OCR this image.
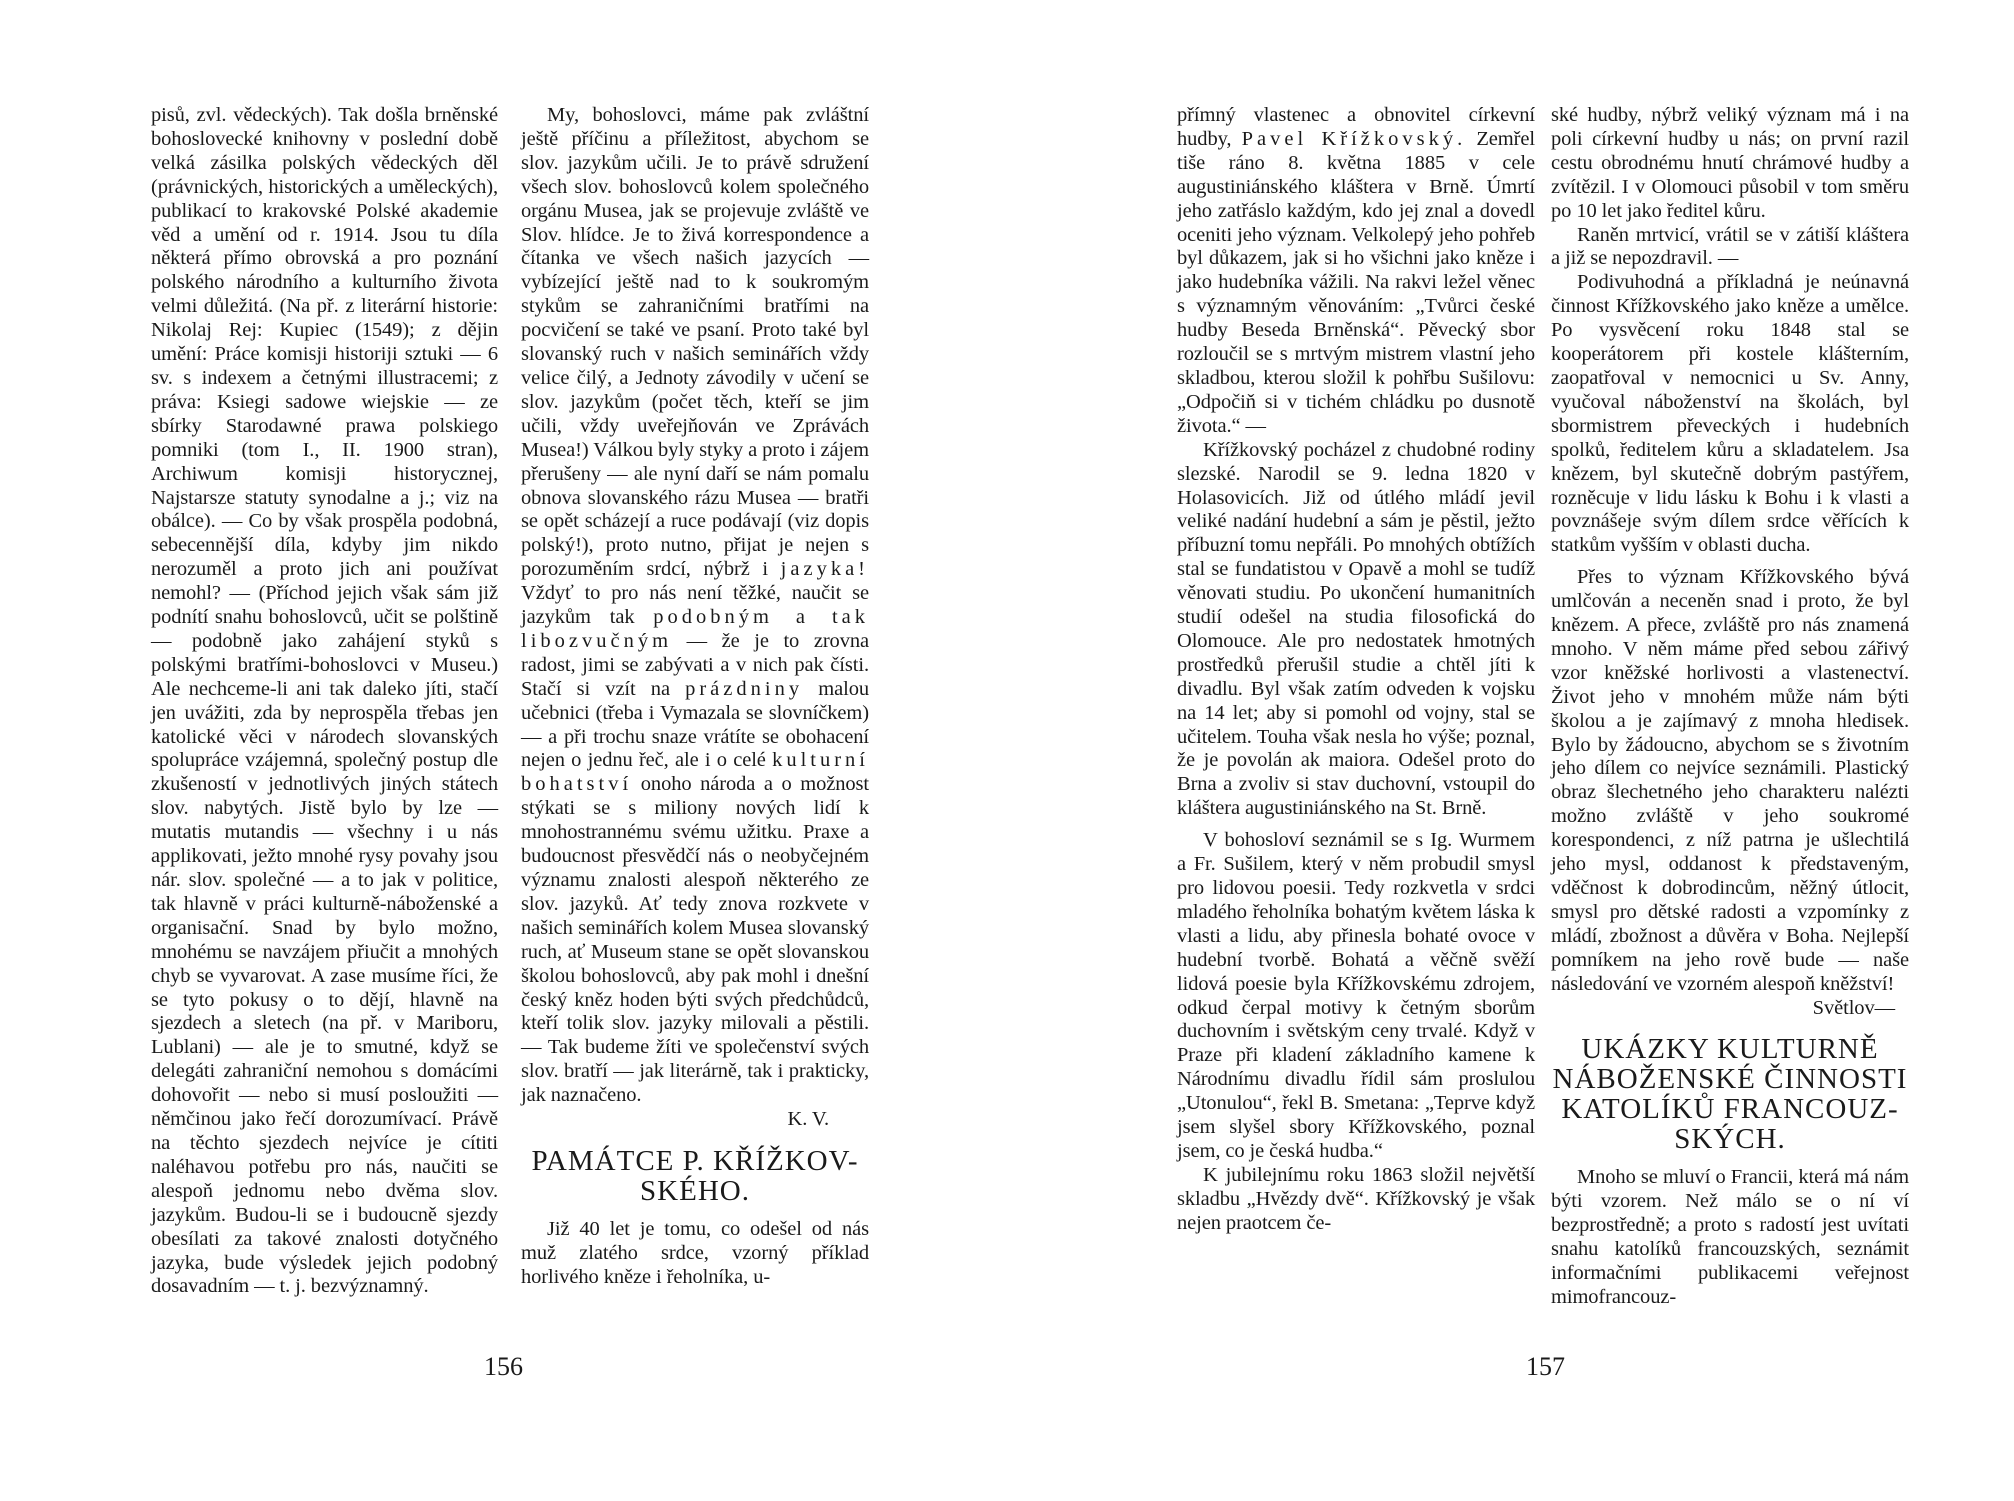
pisů, zvl. vědeckých). Tak došla brněnské bohoslovecké knihovny v poslední době velká zásilka polských vědeckých děl (právnických, historických a uměleckých), publikací to krakovské Polské akademie věd a umění od r. 1914. Jsou tu díla některá přímo obrovská a pro poznání polského národního a kulturního života velmi důležitá. (Na př. z literární historie: Nikolaj Rej: Kupiec (1549); z dějin umění: Práce komisji historiji sztuki — 6 sv. s indexem a četnými illustracemi; z práva: Ksiegi sadowe wiejskie — ze sbírky Starodawné prawa polskiego pomniki (tom I., II. 1900 stran), Archiwum komisji historycznej, Najstarsze statuty synodalne a j.; viz na obálce). — Co by však prospěla podobná, sebecennější díla, kdyby jim nikdo nerozuměl a proto jich ani používat nemohl? — (Příchod jejich však sám již podnítí snahu bohoslovců, učit se polštině — podobně jako zahájení styků s polskými bratřími-bohoslovci v Museu.) Ale nechceme-li ani tak daleko jíti, stačí jen uvážiti, zda by neprospěla třebas jen katolické věci v národech slovanských spolupráce vzájemná, společný postup dle zkušeností v jednotlivých jiných státech slov. nabytých. Jistě bylo by lze — mutatis mutandis — všechny i u nás applikovati, ježto mnohé rysy povahy jsou nár. slov. společné — a to jak v politice, tak hlavně v práci kulturně-náboženské a organisační. Snad by bylo možno, mnohému se navzájem přiučit a mnohých chyb se vyvarovat. A zase musíme říci, že se tyto pokusy o to dějí, hlavně na sjezdech a sletech (na př. v Mariboru, Lublani) — ale je to smutné, když se delegáti zahraniční nemohou s domácími dohovořit — nebo si musí posloužiti — němčinou jako řečí dorozumívací. Právě na těchto sjezdech nejvíce je cítiti naléhavou potřebu pro nás, naučiti se alespoň jednomu nebo dvěma slov. jazykům. Budou-li se i budoucně sjezdy obesílati za takové znalosti dotyčného jazyka, bude výsledek jejich podobný dosavadním — t. j. bezvýznamný.

My, bohoslovci, máme pak zvláštní ještě příčinu a příležitost, abychom se slov. jazykům učili. Je to právě sdružení všech slov. bohoslovců kolem společného orgánu Musea, jak se projevuje zvláště ve Slov. hlídce. Je to živá korrespondence a čítanka ve všech našich jazycích — vybízející ještě nad to k soukromým stykům se zahraničními bratřími na pocvičení se také ve psaní. Proto také byl slovanský ruch v našich seminářích vždy velice čilý, a Jednoty závodily v učení se slov. jazykům (počet těch, kteří se jim učili, vždy uveřejňován ve Zprávách Musea!) Válkou byly styky a proto i zájem přerušeny — ale nyní daří se nám pomalu obnova slovanského rázu Musea — bratři se opět scházejí a ruce podávají (viz dopis polský!), proto nutno, přijat je nejen s porozuměním srdcí, nýbrž i jazyka! Vždyť to pro nás není těžké, naučit se jazykům tak podobným a tak libozvučným — že je to zrovna radost, jimi se zabývati a v nich pak čísti. Stačí si vzít na prázdniny malou učebnici (třeba i Vymazala se slovníčkem) — a při trochu snaze vrátíte se obohacení nejen o jednu řeč, ale i o celé kulturní bohatství onoho národa a o možnost stýkati se s miliony nových lidí k mnohostrannému svému užitku. Praxe a budoucnost přesvědčí nás o neobyčejném významu znalosti alespoň některého ze slov. jazyků. Ať tedy znova rozkvete v našich seminářích kolem Musea slovanský ruch, ať Museum stane se opět slovanskou školou bohoslovců, aby pak mohl i dnešní český kněz hoden býti svých předchůdců, kteří tolik slov. jazyky milovali a pěstili. — Tak budeme žíti ve společenství svých slov. bratří — jak literárně, tak i prakticky, jak naznačeno.

K. V.

PAMÁTCE P. KŘÍŽKOV-SKÉHO.

Již 40 let je tomu, co odešel od nás muž zlatého srdce, vzorný příklad horlivého kněze i řeholníka, u-

156

přímný vlastenec a obnovitel církevní hudby, Pavel Křížkovský. Zemřel tiše ráno 8. května 1885 v cele augustiniánského kláštera v Brně. Úmrtí jeho zatřáslo každým, kdo jej znal a dovedl oceniti jeho význam. Velkolepý jeho pohřeb byl důkazem, jak si ho všichni jako kněze i jako hudebníka vážili. Na rakvi ležel věnec s významným věnováním: „Tvůrci české hudby Beseda Brněnská“. Pěvecký sbor rozloučil se s mrtvým mistrem vlastní jeho skladbou, kterou složil k pohřbu Sušilovu: „Odpočiň si v tichém chládku po dusnotě života.“ —

Křížkovský pocházel z chudobné rodiny slezské. Narodil se 9. ledna 1820 v Holasovicích. Již od útlého mládí jevil veliké nadání hudební a sám je pěstil, ježto příbuzní tomu nepřáli. Po mnohých obtížích stal se fundatistou v Opavě a mohl se tudíž věnovati studiu. Po ukončení humanitních studií odešel na studia filosofická do Olomouce. Ale pro nedostatek hmotných prostředků přerušil studie a chtěl jíti k divadlu. Byl však zatím odveden k vojsku na 14 let; aby si pomohl od vojny, stal se učitelem. Touha však nesla ho výše; poznal, že je povolán ak maiora. Odešel proto do Brna a zvoliv si stav duchovní, vstoupil do kláštera augustiniánského na St. Brně.

V bohosloví seznámil se s Ig. Wurmem a Fr. Sušilem, který v něm probudil smysl pro lidovou poesii. Tedy rozkvetla v srdci mladého řeholníka bohatým květem láska k vlasti a lidu, aby přinesla bohaté ovoce v hudební tvorbě. Bohatá a věčně svěží lidová poesie byla Křížkovskému zdrojem, odkud čerpal motivy k četným sborům duchovním i světským ceny trvalé. Když v Praze při kladení základního kamene k Národnímu divadlu řídil sám proslulou „Utonulou“, řekl B. Smetana: „Teprve když jsem slyšel sbory Křížkovského, poznal jsem, co je česká hudba.“

K jubilejnímu roku 1863 složil největší skladbu „Hvězdy dvě“. Křížkovský je však nejen praotcem če-

ské hudby, nýbrž veliký význam má i na poli církevní hudby u nás; on první razil cestu obrodnému hnutí chrámové hudby a zvítězil. I v Olomouci působil v tom směru po 10 let jako ředitel kůru.

Raněn mrtvicí, vrátil se v zátiší kláštera a již se nepozdravil. —

Podivuhodná a příkladná je neúnavná činnost Křížkovského jako kněze a umělce. Po vysvěcení roku 1848 stal se kooperátorem při kostele klášterním, zaopatřoval v nemocnici u Sv. Anny, vyučoval náboženství na školách, byl sbormistrem převeckých i hudebních spolků, ředitelem kůru a skladatelem. Jsa knězem, byl skutečně dobrým pastýřem, rozněcuje v lidu lásku k Bohu i k vlasti a povznášeje svým dílem srdce věřících k statkům vyšším v oblasti ducha.

Přes to význam Křížkovského bývá umlčován a neceněn snad i proto, že byl knězem. A přece, zvláště pro nás znamená mnoho. V něm máme před sebou zářivý vzor kněžské horlivosti a vlastenectví. Život jeho v mnohém může nám býti školou a je zajímavý z mnoha hledisek. Bylo by žádoucno, abychom se s životním jeho dílem co nejvíce seznámili. Plastický obraz šlechetného jeho charakteru nalézti možno zvláště v jeho soukromé korespondenci, z níž patrna je ušlechtilá jeho mysl, oddanost k představeným, vděčnost k dobrodincům, něžný útlocit, smysl pro dětské radosti a vzpomínky z mládí, zbožnost a důvěra v Boha. Nejlepší pomníkem na jeho rově bude — naše následování ve vzorném alespoň kněžství!

Světlov—

UKÁZKY KULTURNĚ NÁBOŽENSKÉ ČINNOSTI KATOLÍKŮ FRANCOUZ-SKÝCH.

Mnoho se mluví o Francii, která má nám býti vzorem. Než málo se o ní ví bezprostředně; a proto s radostí jest uvítati snahu katolíků francouzských, seznámit informačními publikacemi veřejnost mimofrancouz-

157
